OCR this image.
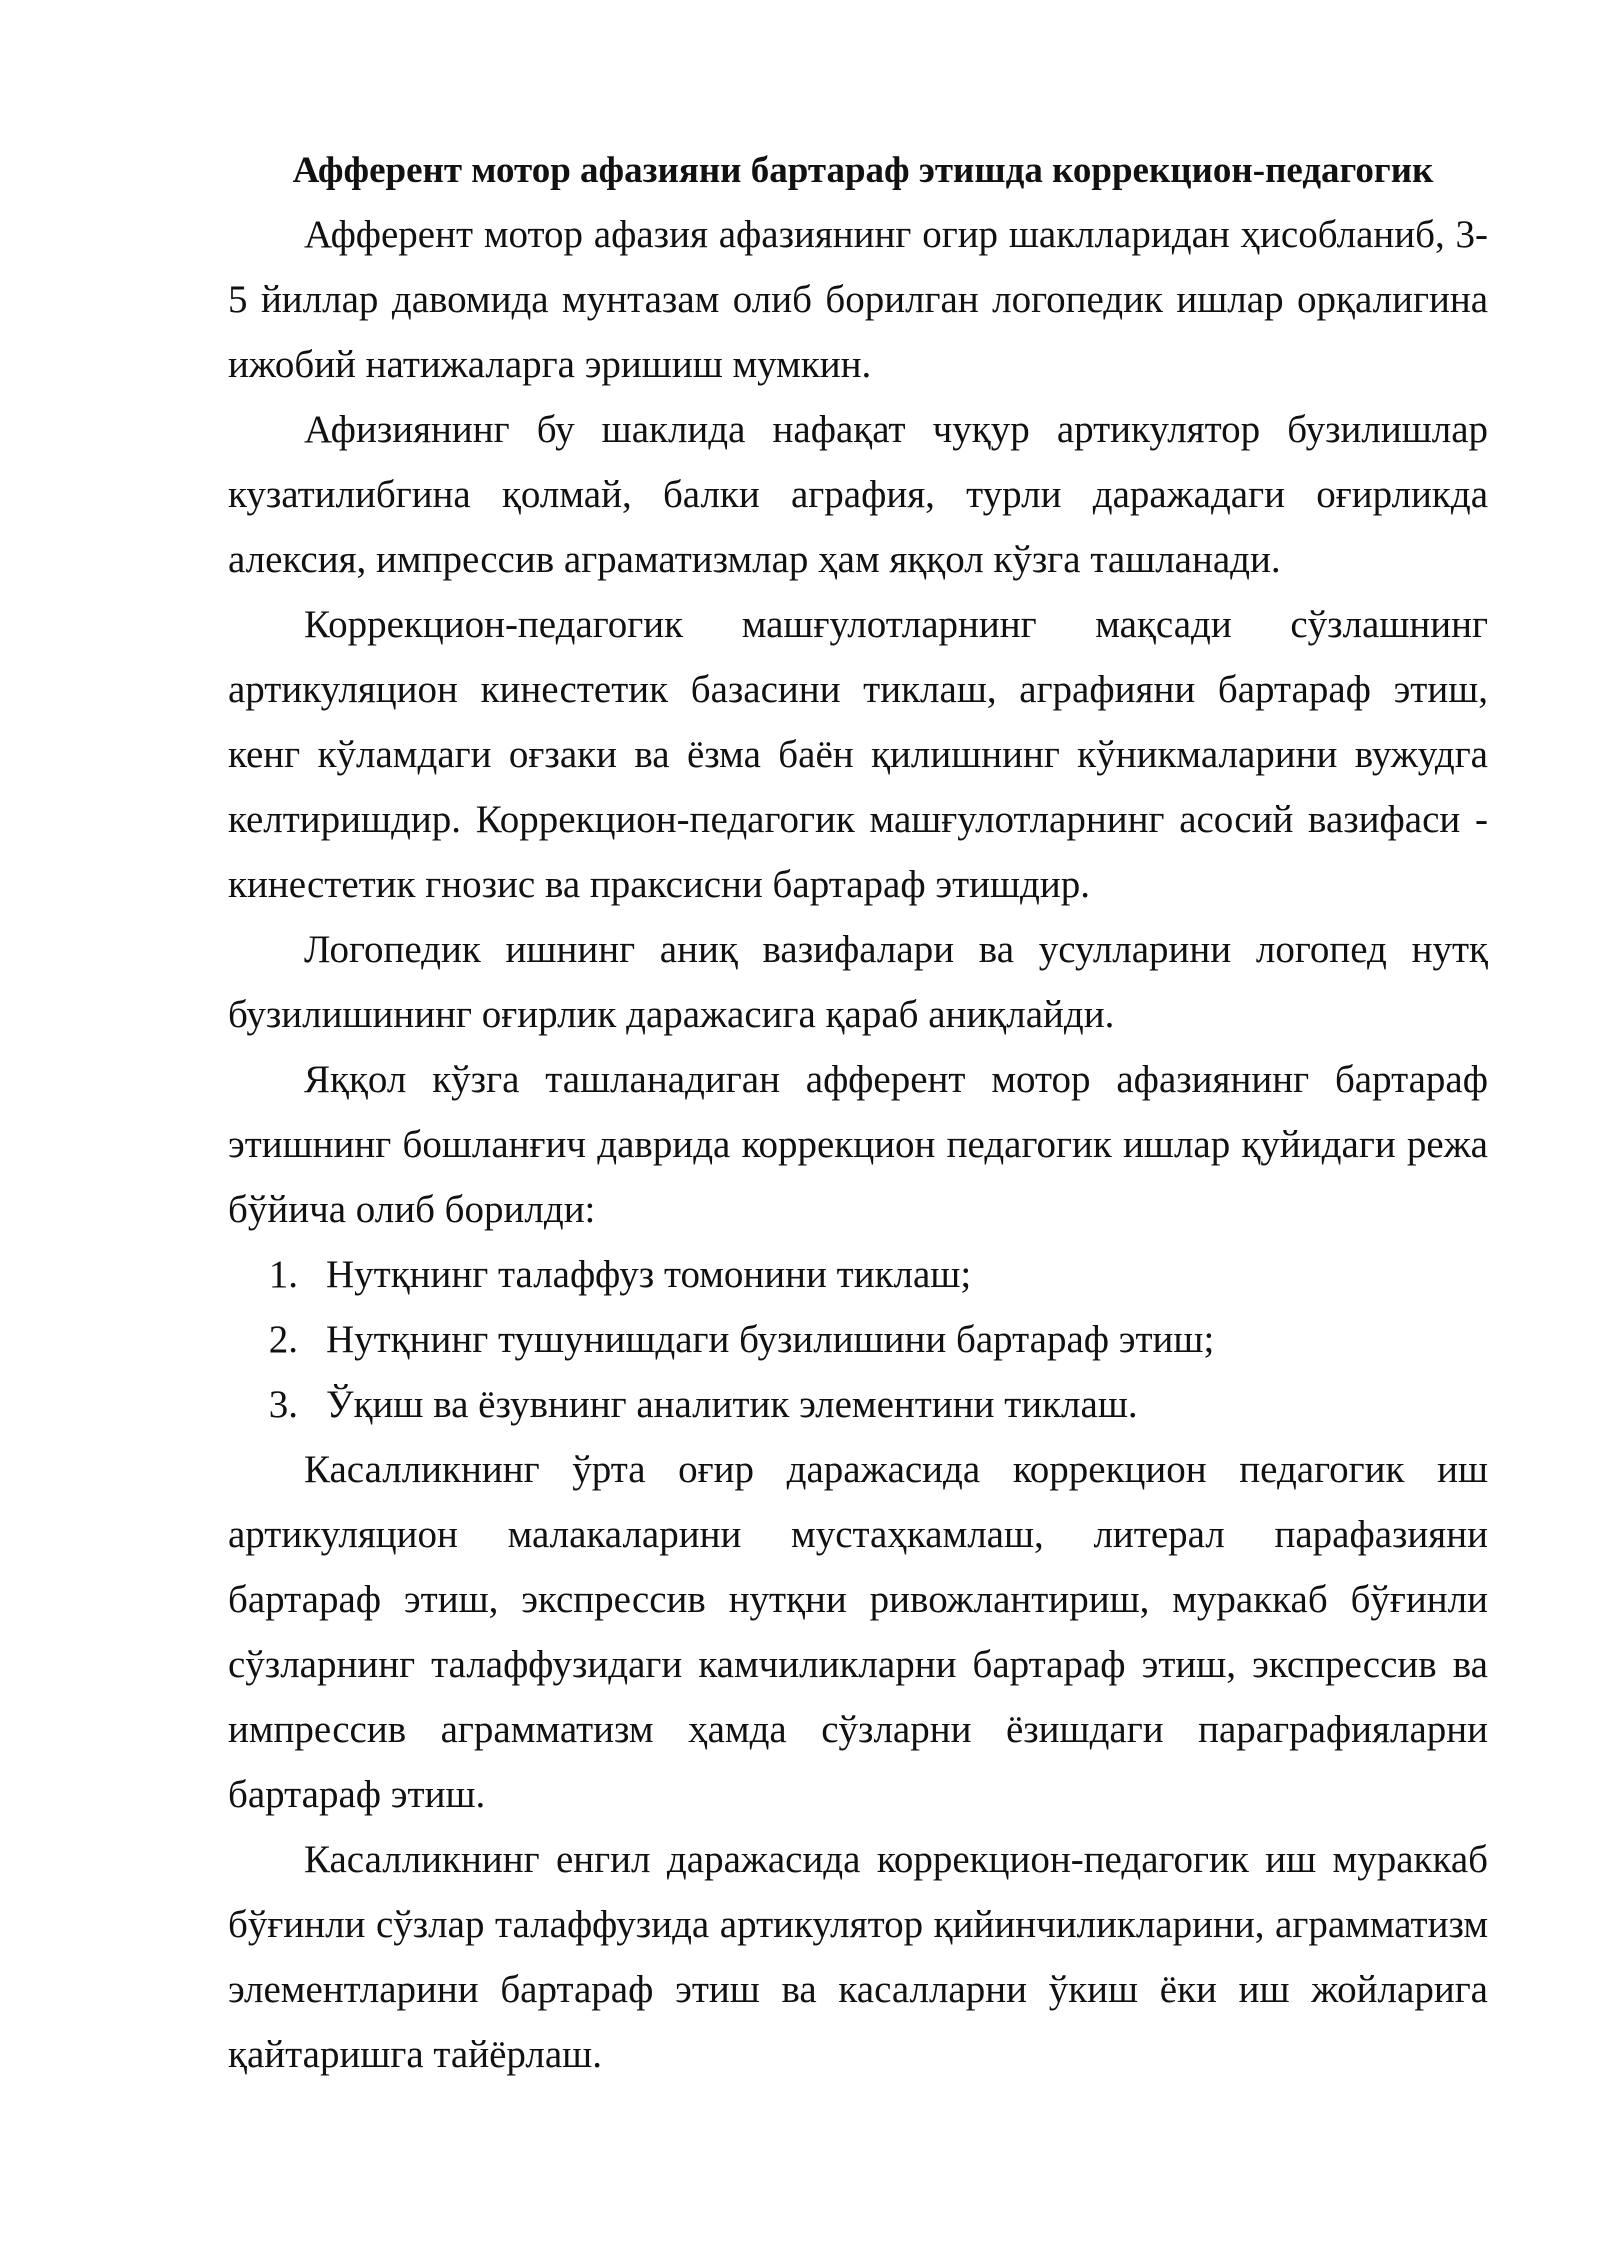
Афферент мотор афазияни бартараф этишда коррекцион-педагогик

Афферент мотор афазия афазиянинг огир шаклларидан ҳисобланиб, 3-5 йиллар давомида мунтазам олиб борилган логопедик ишлар орқалигина ижобий натижаларга эришиш мумкин.

Афизиянинг бу шаклида нафақат чуқур артикулятор бузилишлар кузатилибгина қолмай, балки аграфия, турли даражадаги оғирликда алексия, импрессив аграматизмлар ҳам яққол кўзга ташланади.

Коррекцион-педагогик машғулотларнинг мақсади сўзлашнинг артикуляцион кинестетик базасини тиклаш, аграфияни бартараф этиш, кенг кўламдаги оғзаки ва ёзма баён қилишнинг кўникмаларини вужудга келтиришдир. Коррекцион-педагогик машғулотларнинг асосий вазифаси - кинестетик гнозис ва праксисни бартараф этишдир.

Логопедик ишнинг аниқ вазифалари ва усулларини логопед нутқ бузилишининг оғирлик даражасига қараб аниқлайди.

Яққол кўзга ташланадиган афферент мотор афазиянинг бартараф этишнинг бошланғич даврида коррекцион педагогик ишлар қуйидаги режа бўйича олиб борилди:

1. Нутқнинг талаффуз томонини тиклаш;
2. Нутқнинг тушунишдаги бузилишини бартараф этиш;
3. Ўқиш ва ёзувнинг аналитик элементини тиклаш.

Касалликнинг ўрта оғир даражасида коррекцион педагогик иш артикуляцион малакаларини мустаҳкамлаш, литерал парафазияни бартараф этиш, экспрессив нутқни ривожлантириш, мураккаб бўғинли сўзларнинг талаффузидаги камчиликларни бартараф этиш, экспрессив ва импрессив аграмматизм ҳамда сўзларни ёзишдаги параграфияларни бартараф этиш.

Касалликнинг енгил даражасида коррекцион-педагогик иш мураккаб бўғинли сўзлар талаффузида артикулятор қийинчиликларини, аграмматизм элементларини бартараф этиш ва касалларни ўкиш ёки иш жойларига қайтаришга тайёрлаш.
